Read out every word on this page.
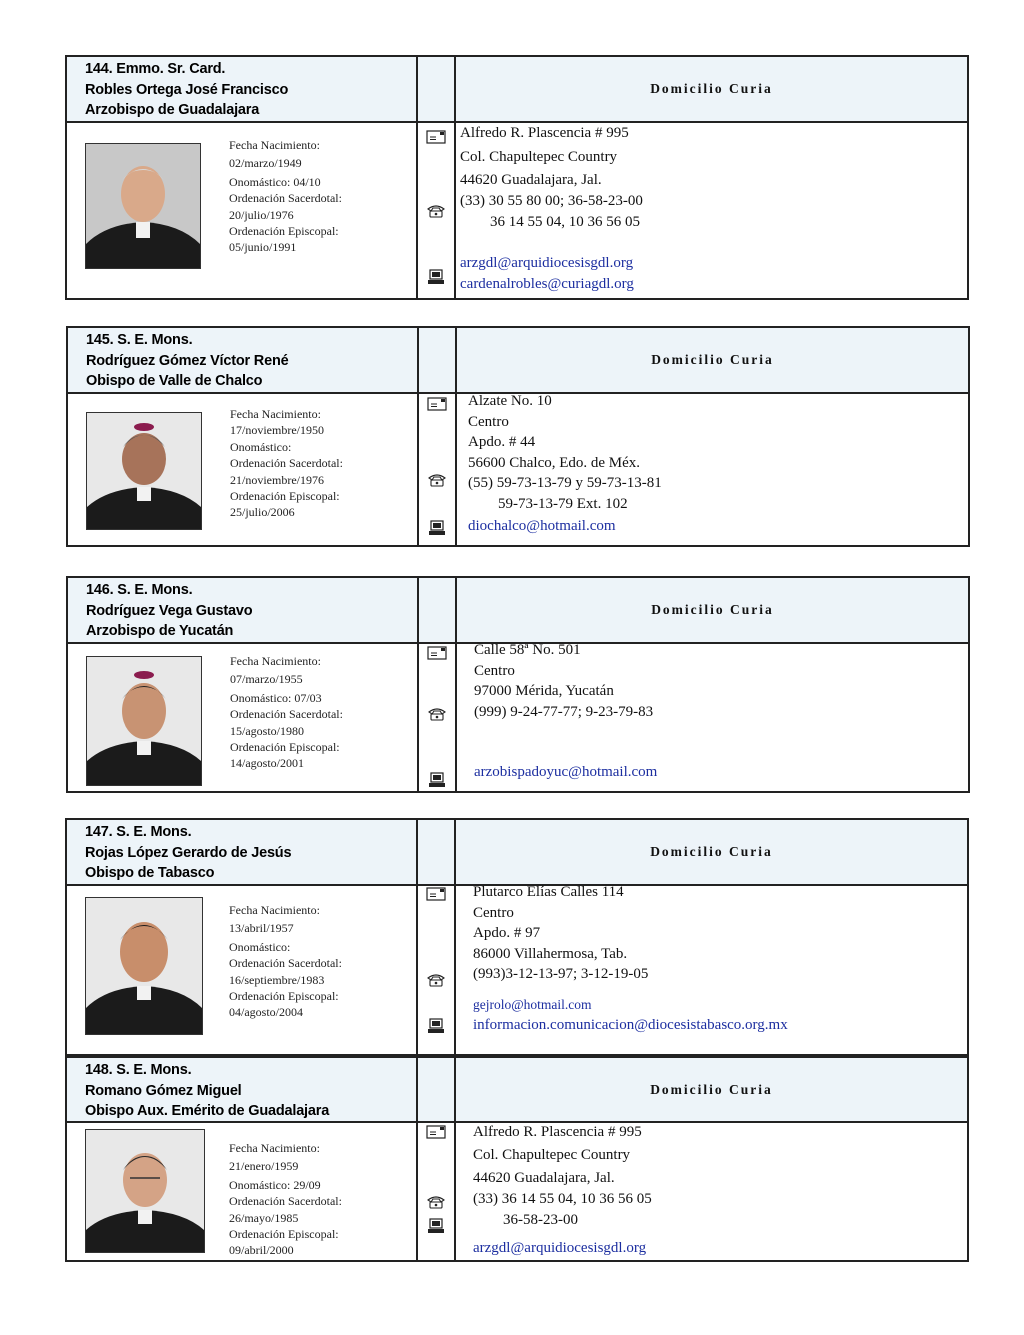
144. Emmo. Sr. Card.
Robles Ortega José Francisco
Arzobispo de Guadalajara
Domicilio Curia
Fecha Nacimiento:
02/marzo/1949
Onomástico: 04/10
Ordenación Sacerdotal:
20/julio/1976
Ordenación Episcopal:
05/junio/1991
Alfredo R. Plascencia # 995
Col. Chapultepec Country
44620 Guadalajara, Jal.
(33) 30 55 80 00; 36-58-23-00
36 14 55 04, 10 36 56 05
arzgdl@arquidiocesisgdl.org
cardenalrobles@curiagdl.org
145. S. E. Mons.
Rodríguez Gómez Víctor René
Obispo de Valle de Chalco
Domicilio Curia
Fecha Nacimiento:
17/noviembre/1950
Onomástico:
Ordenación Sacerdotal:
21/noviembre/1976
Ordenación Episcopal:
25/julio/2006
Alzate No. 10
Centro
Apdo. # 44
56600 Chalco, Edo. de Méx.
(55) 59-73-13-79 y 59-73-13-81
59-73-13-79 Ext. 102
diochalco@hotmail.com
146. S. E. Mons.
Rodríguez Vega Gustavo
Arzobispo de Yucatán
Domicilio Curia
Fecha Nacimiento:
07/marzo/1955
Onomástico: 07/03
Ordenación Sacerdotal:
15/agosto/1980
Ordenación Episcopal:
14/agosto/2001
Calle 58ª No. 501
Centro
97000 Mérida, Yucatán
(999) 9-24-77-77; 9-23-79-83
arzobispadoyuc@hotmail.com
147. S. E. Mons.
Rojas López Gerardo de Jesús
Obispo de Tabasco
Domicilio Curia
Fecha Nacimiento:
13/abril/1957
Onomástico:
Ordenación Sacerdotal:
16/septiembre/1983
Ordenación Episcopal:
04/agosto/2004
Plutarco Elías Calles 114
Centro
Apdo. # 97
86000 Villahermosa, Tab.
(993)3-12-13-97; 3-12-19-05
gejrolo@hotmail.com
informacion.comunicacion@diocesistabasco.org.mx
148. S. E. Mons.
Romano Gómez Miguel
Obispo Aux. Emérito de Guadalajara
Domicilio Curia
Fecha Nacimiento:
21/enero/1959
Onomástico: 29/09
Ordenación Sacerdotal:
26/mayo/1985
Ordenación Episcopal:
09/abril/2000
Alfredo R. Plascencia # 995
Col. Chapultepec Country
44620 Guadalajara, Jal.
(33) 36 14 55 04, 10 36 56 05
36-58-23-00
arzgdl@arquidiocesisgdl.org
